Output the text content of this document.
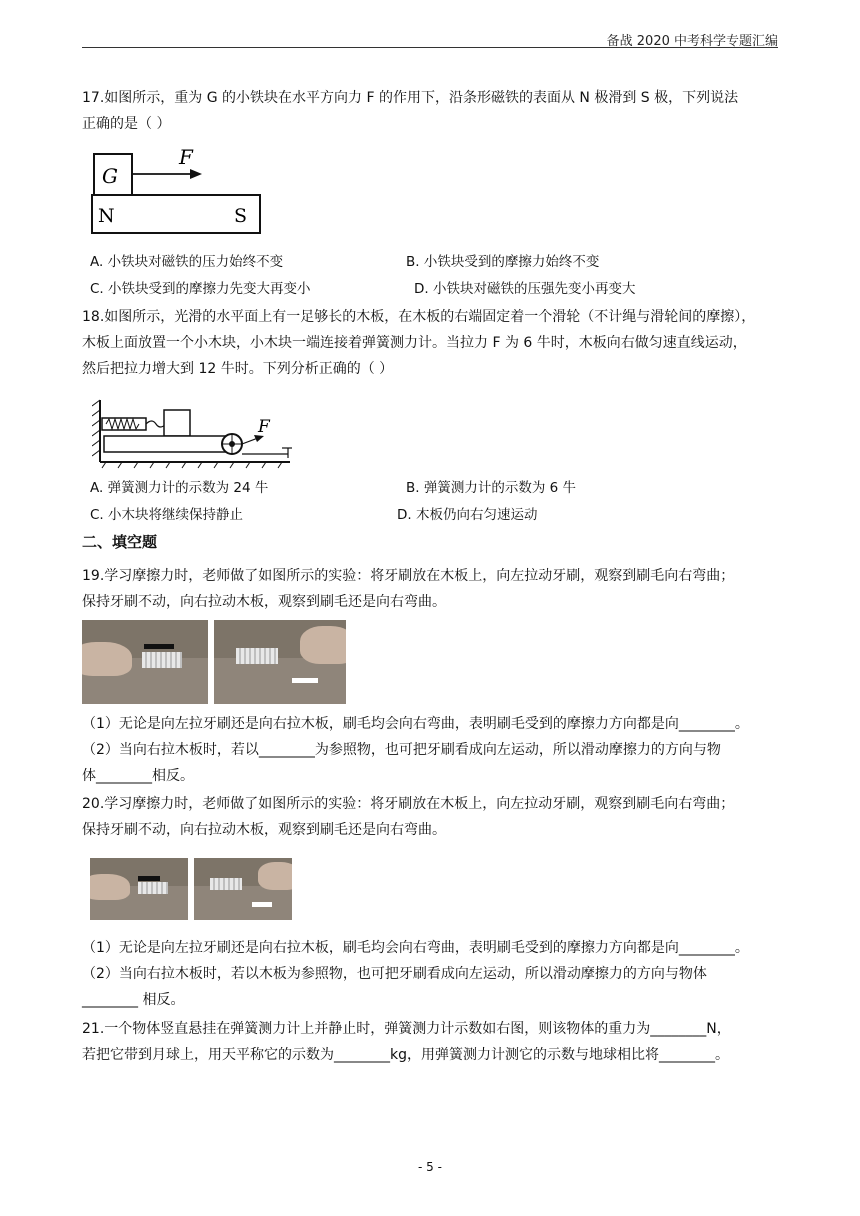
备战 2020 中考科学专题汇编
17.如图所示，重为 G 的小铁块在水平方向力 F 的作用下，沿条形磁铁的表面从 N 极滑到 S 极，下列说法
正确的是（ ）
G
F
N	S
A. 小铁块对磁铁的压力始终不变	B. 小铁块受到的摩擦力始终不变
C. 小铁块受到的摩擦力先变大再变小	D. 小铁块对磁铁的压强先变小再变大
18.如图所示，光滑的水平面上有一足够长的木板，在木板的右端固定着一个滑轮（不计绳与滑轮间的摩擦），
木板上面放置一个小木块，小木块一端连接着弹簧测力计。当拉力 F 为 6 牛时，木板向右做匀速直线运动，
然后把拉力增大到 12 牛时。下列分析正确的（ ）
F
A. 弹簧测力计的示数为 24 牛	B. 弹簧测力计的示数为 6 牛
C. 小木块将继续保持静止	D. 木板仍向右匀速运动
二、填空题
19.学习摩擦力时，老师做了如图所示的实验：将牙刷放在木板上，向左拉动牙刷，观察到刷毛向右弯曲；
保持牙刷不动，向右拉动木板，观察到刷毛还是向右弯曲。
（1）无论是向左拉牙刷还是向右拉木板，刷毛均会向右弯曲，表明刷毛受到的摩擦力方向都是向________。
（2）当向右拉木板时，若以________为参照物，也可把牙刷看成向左运动，所以滑动摩擦力的方向与物
体________相反。
20.学习摩擦力时，老师做了如图所示的实验：将牙刷放在木板上，向左拉动牙刷，观察到刷毛向右弯曲；
保持牙刷不动，向右拉动木板，观察到刷毛还是向右弯曲。
（1）无论是向左拉牙刷还是向右拉木板，刷毛均会向右弯曲，表明刷毛受到的摩擦力方向都是向________。
（2）当向右拉木板时，若以木板为参照物，也可把牙刷看成向左运动，所以滑动摩擦力的方向与物体
________ 相反。
21.一个物体竖直悬挂在弹簧测力计上并静止时，弹簧测力计示数如右图，则该物体的重力为________N，
若把它带到月球上，用天平称它的示数为________kg，用弹簧测力计测它的示数与地球相比将________。
- 5 -
